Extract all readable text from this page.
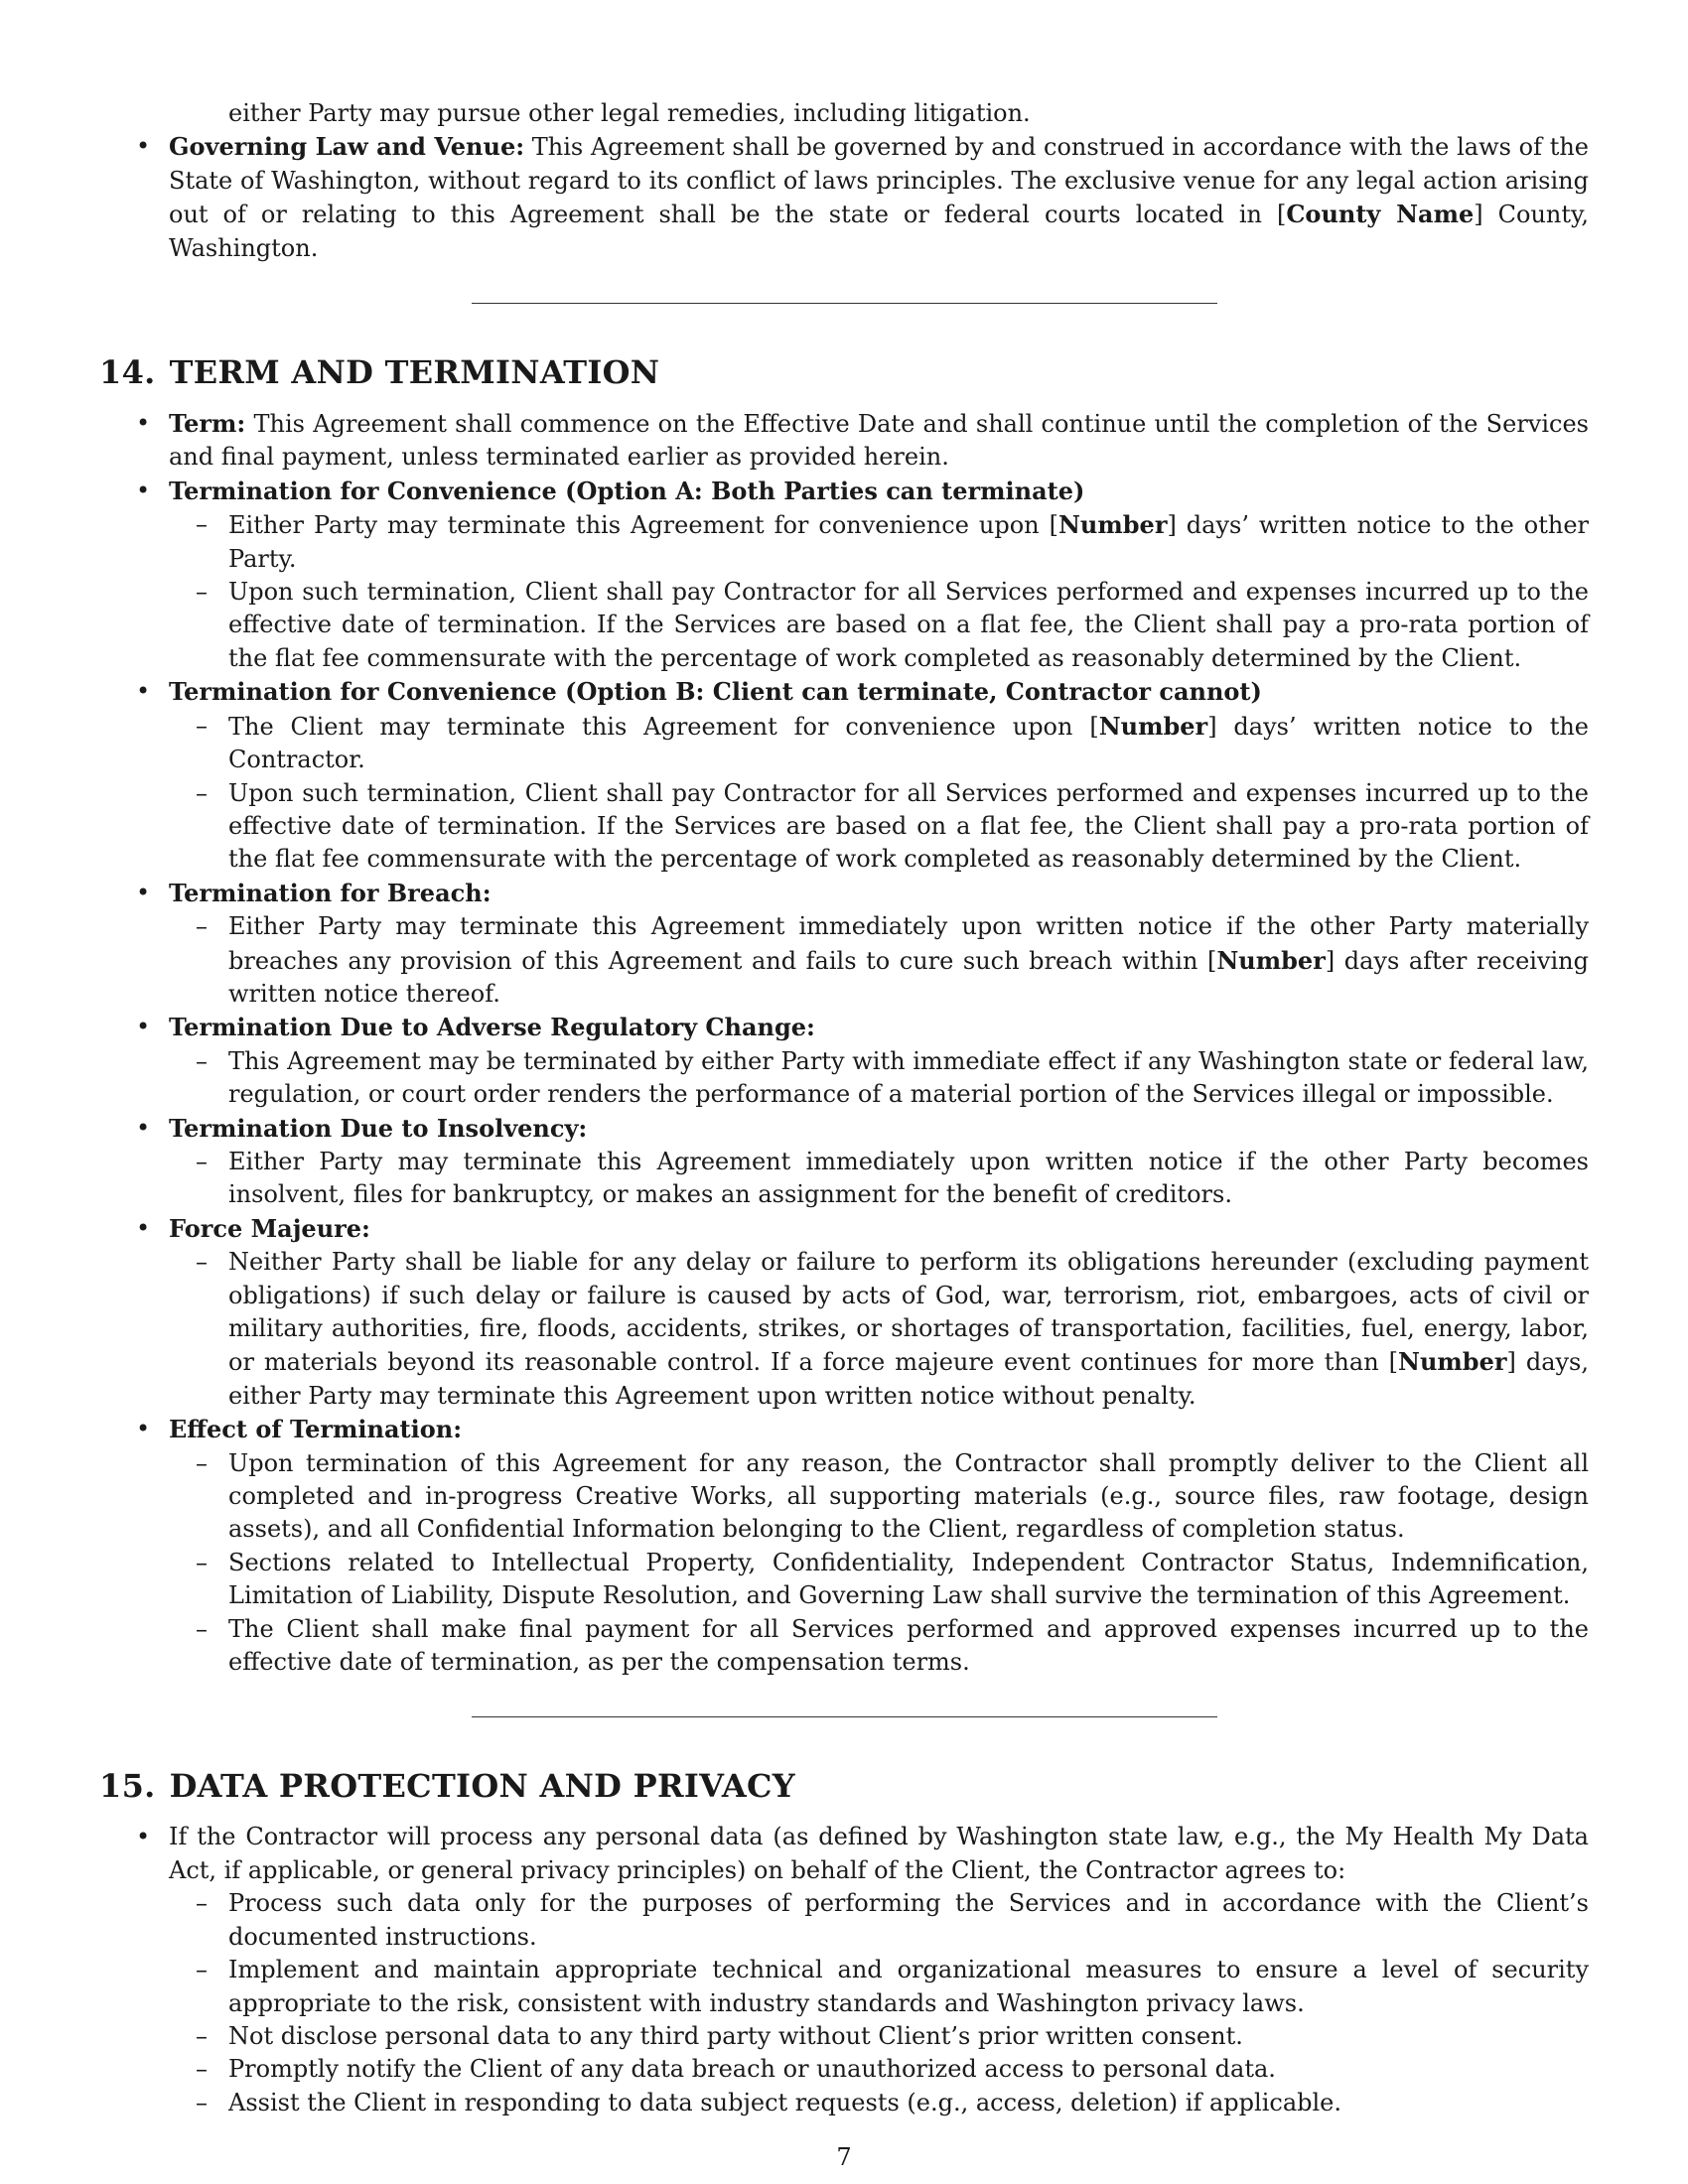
either Party may pursue other legal remedies, including litigation.
• Governing Law and Venue: This Agreement shall be governed by and construed in accordance with the laws of the State of Washington, without regard to its conflict of laws principles. The exclusive venue for any legal action arising out of or relating to this Agreement shall be the state or federal courts located in [County Name] County, Washington.
14. TERM AND TERMINATION
• Term: This Agreement shall commence on the Effective Date and shall continue until the completion of the Services and final payment, unless terminated earlier as provided herein.
• Termination for Convenience (Option A: Both Parties can terminate)
– Either Party may terminate this Agreement for convenience upon [Number] days’ written notice to the other Party.
– Upon such termination, Client shall pay Contractor for all Services performed and expenses incurred up to the effective date of termination. If the Services are based on a flat fee, the Client shall pay a pro-rata portion of the flat fee commensurate with the percentage of work completed as reasonably determined by the Client.
• Termination for Convenience (Option B: Client can terminate, Contractor cannot)
– The Client may terminate this Agreement for convenience upon [Number] days’ written notice to the Contractor.
– Upon such termination, Client shall pay Contractor for all Services performed and expenses incurred up to the effective date of termination. If the Services are based on a flat fee, the Client shall pay a pro-rata portion of the flat fee commensurate with the percentage of work completed as reasonably determined by the Client.
• Termination for Breach:
– Either Party may terminate this Agreement immediately upon written notice if the other Party materially breaches any provision of this Agreement and fails to cure such breach within [Number] days after receiving written notice thereof.
• Termination Due to Adverse Regulatory Change:
– This Agreement may be terminated by either Party with immediate effect if any Washington state or federal law, regulation, or court order renders the performance of a material portion of the Services illegal or impossible.
• Termination Due to Insolvency:
– Either Party may terminate this Agreement immediately upon written notice if the other Party becomes insolvent, files for bankruptcy, or makes an assignment for the benefit of creditors.
• Force Majeure:
– Neither Party shall be liable for any delay or failure to perform its obligations hereunder (excluding payment obligations) if such delay or failure is caused by acts of God, war, terrorism, riot, embargoes, acts of civil or military authorities, fire, floods, accidents, strikes, or shortages of transportation, facilities, fuel, energy, labor, or materials beyond its reasonable control. If a force majeure event continues for more than [Number] days, either Party may terminate this Agreement upon written notice without penalty.
• Effect of Termination:
– Upon termination of this Agreement for any reason, the Contractor shall promptly deliver to the Client all completed and in-progress Creative Works, all supporting materials (e.g., source files, raw footage, design assets), and all Confidential Information belonging to the Client, regardless of completion status.
– Sections related to Intellectual Property, Confidentiality, Independent Contractor Status, Indemnification, Limitation of Liability, Dispute Resolution, and Governing Law shall survive the termination of this Agreement.
– The Client shall make final payment for all Services performed and approved expenses incurred up to the effective date of termination, as per the compensation terms.
15. DATA PROTECTION AND PRIVACY
• If the Contractor will process any personal data (as defined by Washington state law, e.g., the My Health My Data Act, if applicable, or general privacy principles) on behalf of the Client, the Contractor agrees to:
– Process such data only for the purposes of performing the Services and in accordance with the Client’s documented instructions.
– Implement and maintain appropriate technical and organizational measures to ensure a level of security appropriate to the risk, consistent with industry standards and Washington privacy laws.
– Not disclose personal data to any third party without Client’s prior written consent.
– Promptly notify the Client of any data breach or unauthorized access to personal data.
– Assist the Client in responding to data subject requests (e.g., access, deletion) if applicable.
7
